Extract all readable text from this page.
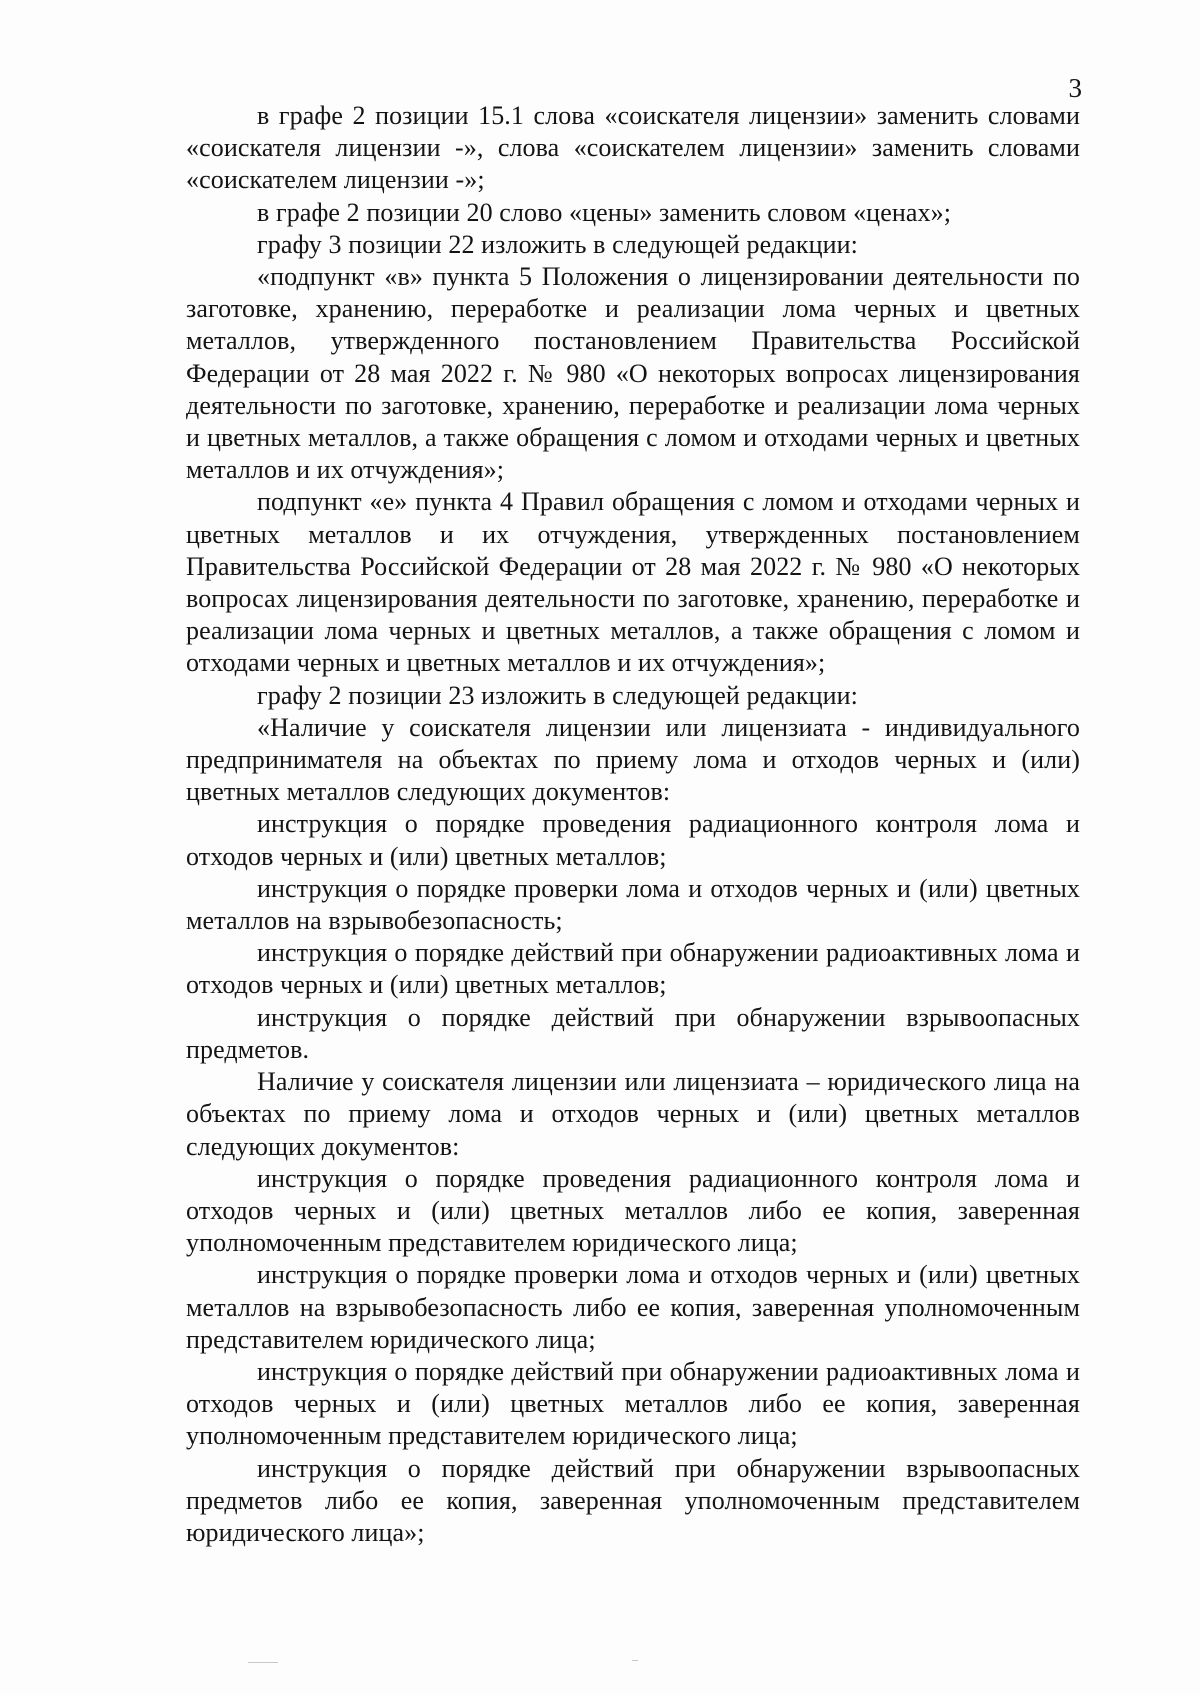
3

в графе 2 позиции 15.1 слова «соискателя лицензии» заменить словами «соискателя лицензии -», слова «соискателем лицензии» заменить словами «соискателем лицензии -»;

в графе 2 позиции 20 слово «цены» заменить словом «ценах»;

графу 3 позиции 22 изложить в следующей редакции:

«подпункт «в» пункта 5 Положения о лицензировании деятельности по заготовке, хранению, переработке и реализации лома черных и цветных металлов, утвержденного постановлением Правительства Российской Федерации от 28 мая 2022 г. № 980 «О некоторых вопросах лицензирования деятельности по заготовке, хранению, переработке и реализации лома черных и цветных металлов, а также обращения с ломом и отходами черных и цветных металлов и их отчуждения»;

подпункт «е» пункта 4 Правил обращения с ломом и отходами черных и цветных металлов и их отчуждения, утвержденных постановлением Правительства Российской Федерации от 28 мая 2022 г. № 980 «О некоторых вопросах лицензирования деятельности по заготовке, хранению, переработке и реализации лома черных и цветных металлов, а также обращения с ломом и отходами черных и цветных металлов и их отчуждения»;

графу 2 позиции 23 изложить в следующей редакции:

«Наличие у соискателя лицензии или лицензиата - индивидуального предпринимателя на объектах по приему лома и отходов черных и (или) цветных металлов следующих документов:

инструкция о порядке проведения радиационного контроля лома и отходов черных и (или) цветных металлов;

инструкция о порядке проверки лома и отходов черных и (или) цветных металлов на взрывобезопасность;

инструкция о порядке действий при обнаружении радиоактивных лома и отходов черных и (или) цветных металлов;

инструкция о порядке действий при обнаружении взрывоопасных предметов.

Наличие у соискателя лицензии или лицензиата – юридического лица на объектах по приему лома и отходов черных и (или) цветных металлов следующих документов:

инструкция о порядке проведения радиационного контроля лома и отходов черных и (или) цветных металлов либо ее копия, заверенная уполномоченным представителем юридического лица;

инструкция о порядке проверки лома и отходов черных и (или) цветных металлов на взрывобезопасность либо ее копия, заверенная уполномоченным представителем юридического лица;

инструкция о порядке действий при обнаружении радиоактивных лома и отходов черных и (или) цветных металлов либо ее копия, заверенная уполномоченным представителем юридического лица;

инструкция о порядке действий при обнаружении взрывоопасных предметов либо ее копия, заверенная уполномоченным представителем юридического лица»;
